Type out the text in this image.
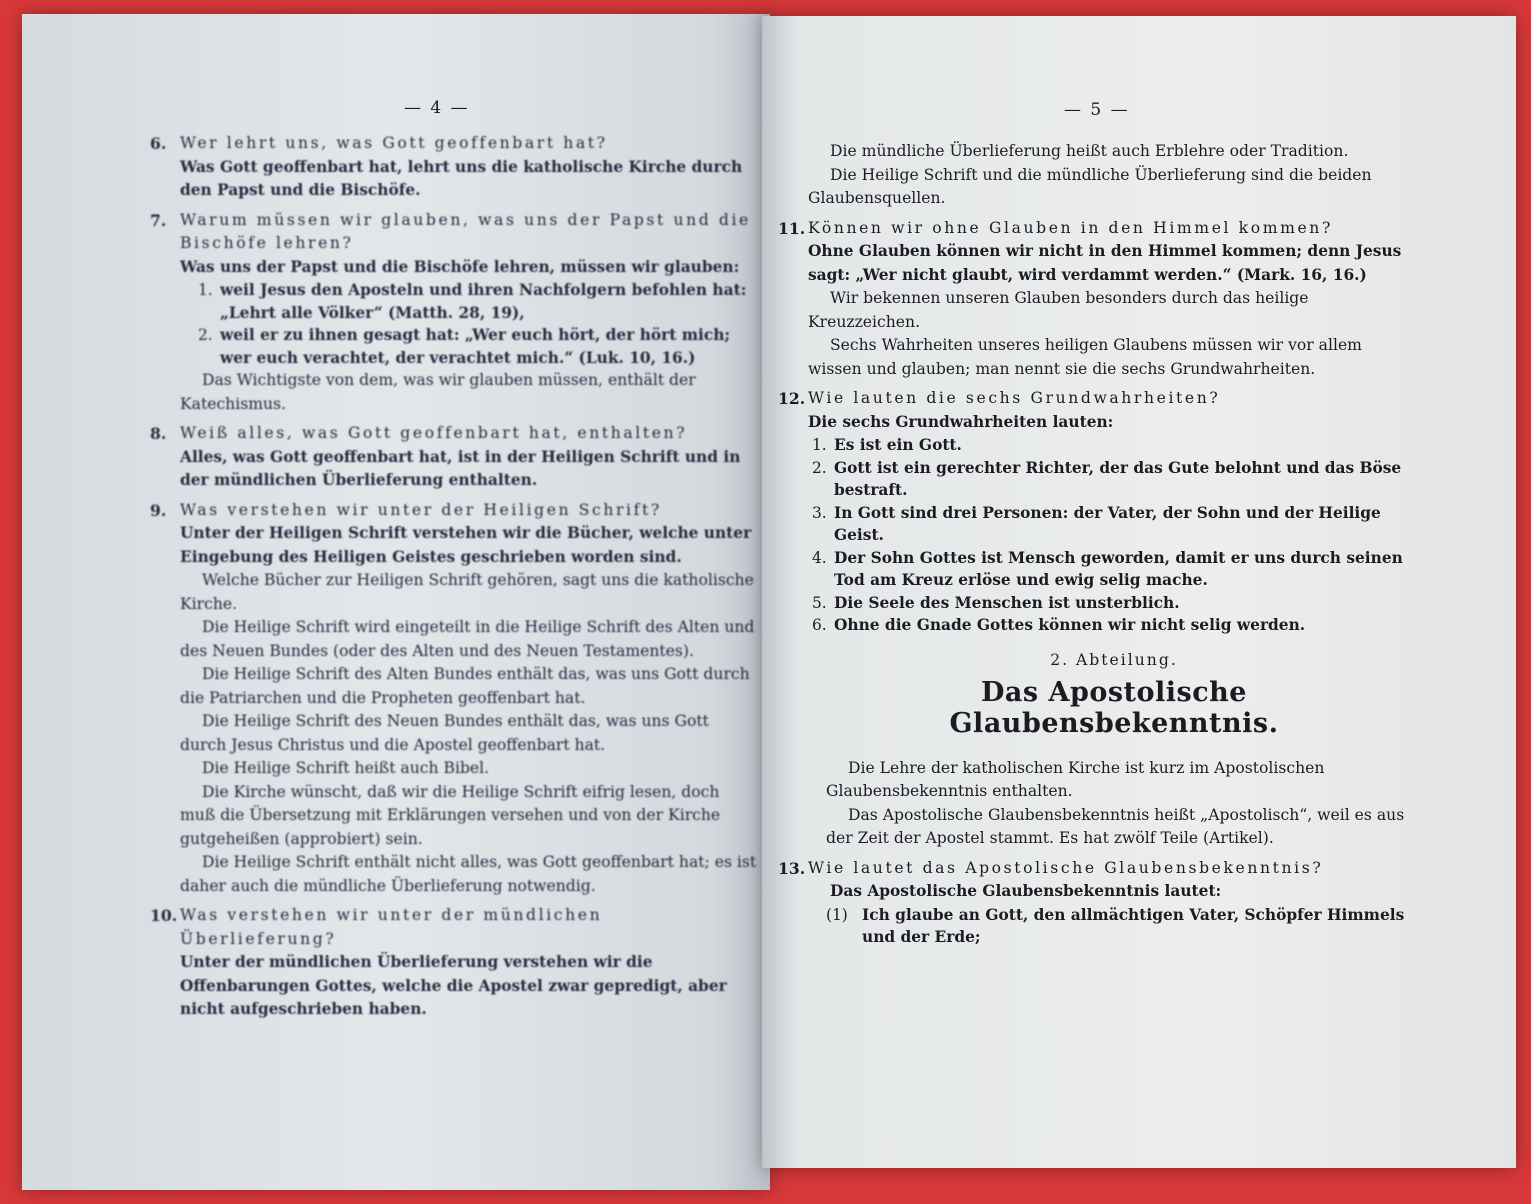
— 4 —
6. Wer lehrt uns, was Gott geoffenbart hat?

Was Gott geoffenbart hat, lehrt uns die katholische Kirche durch den Papst und die Bischöfe.

7. Warum müssen wir glauben, was uns der Papst und die Bischöfe lehren?

Was uns der Papst und die Bischöfe lehren, müssen wir glauben:

1. weil Jesus den Aposteln und ihren Nachfolgern befohlen hat: „Lehrt alle Völker“ (Matth. 28, 19),
2. weil er zu ihnen gesagt hat: „Wer euch hört, der hört mich; wer euch verachtet, der verachtet mich.“ (Luk. 10, 16.)

Das Wichtigste von dem, was wir glauben müssen, enthält der Katechismus.

8. Weiß alles, was Gott geoffenbart hat, enthalten?

Alles, was Gott geoffenbart hat, ist in der Heiligen Schrift und in der mündlichen Überlieferung enthalten.

9. Was verstehen wir unter der Heiligen Schrift?

Unter der Heiligen Schrift verstehen wir die Bücher, welche unter Eingebung des Heiligen Geistes geschrieben worden sind.

Welche Bücher zur Heiligen Schrift gehören, sagt uns die katholische Kirche.

Die Heilige Schrift wird eingeteilt in die Heilige Schrift des Alten und des Neuen Bundes (oder des Alten und des Neuen Testamentes).

Die Heilige Schrift des Alten Bundes enthält das, was uns Gott durch die Patriarchen und die Propheten geoffenbart hat.

Die Heilige Schrift des Neuen Bundes enthält das, was uns Gott durch Jesus Christus und die Apostel geoffenbart hat.

Die Heilige Schrift heißt auch Bibel.

Die Kirche wünscht, daß wir die Heilige Schrift eifrig lesen, doch muß die Übersetzung mit Erklärungen versehen und von der Kirche gutgeheißen (approbiert) sein.

Die Heilige Schrift enthält nicht alles, was Gott geoffenbart hat; es ist daher auch die mündliche Überlieferung notwendig.

10. Was verstehen wir unter der mündlichen Überlieferung?

Unter der mündlichen Überlieferung verstehen wir die Offenbarungen Gottes, welche die Apostel zwar gepredigt, aber nicht aufgeschrieben haben.

— 5 —

Die mündliche Überlieferung heißt auch Erblehre oder Tradition.

Die Heilige Schrift und die mündliche Überlieferung sind die beiden Glaubensquellen.

11. Können wir ohne Glauben in den Himmel kommen?

Ohne Glauben können wir nicht in den Himmel kommen; denn Jesus sagt: „Wer nicht glaubt, wird verdammt werden.“ (Mark. 16, 16.)

Wir bekennen unseren Glauben besonders durch das heilige Kreuzzeichen.

Sechs Wahrheiten unseres heiligen Glaubens müssen wir vor allem wissen und glauben; man nennt sie die sechs Grundwahrheiten.

12. Wie lauten die sechs Grundwahrheiten?

Die sechs Grundwahrheiten lauten:

1. Es ist ein Gott.
2. Gott ist ein gerechter Richter, der das Gute belohnt und das Böse bestraft.
3. In Gott sind drei Personen: der Vater, der Sohn und der Heilige Geist.
4. Der Sohn Gottes ist Mensch geworden, damit er uns durch seinen Tod am Kreuz erlöse und ewig selig mache.
5. Die Seele des Menschen ist unsterblich.
6. Ohne die Gnade Gottes können wir nicht selig werden.
2. Abteilung.
Das Apostolische Glaubensbekenntnis.

Die Lehre der katholischen Kirche ist kurz im Apostolischen Glaubensbekenntnis enthalten.

Das Apostolische Glaubensbekenntnis heißt „Apostolisch“, weil es aus der Zeit der Apostel stammt. Es hat zwölf Teile (Artikel).

13. Wie lautet das Apostolische Glaubensbekenntnis?

Das Apostolische Glaubensbekenntnis lautet:

(1) Ich glaube an Gott, den allmächtigen Vater, Schöpfer Himmels und der Erde;
